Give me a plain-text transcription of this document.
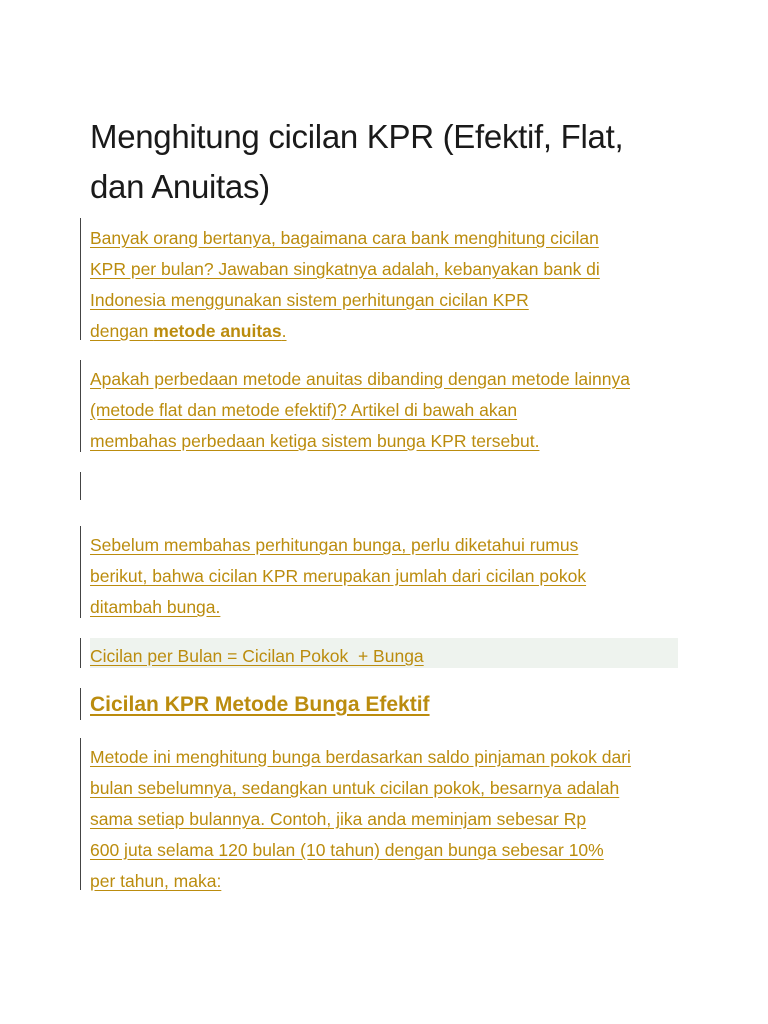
Menghitung cicilan KPR (Efektif, Flat,
dan Anuitas)

Banyak orang bertanya, bagaimana cara bank menghitung cicilan
KPR per bulan? Jawaban singkatnya adalah, kebanyakan bank di
Indonesia menggunakan sistem perhitungan cicilan KPR
dengan metode anuitas.

Apakah perbedaan metode anuitas dibanding dengan metode lainnya
(metode flat dan metode efektif)? Artikel di bawah akan
membahas perbedaan ketiga sistem bunga KPR tersebut.

Sebelum membahas perhitungan bunga, perlu diketahui rumus
berikut, bahwa cicilan KPR merupakan jumlah dari cicilan pokok
ditambah bunga.

Cicilan per Bulan = Cicilan Pokok  + Bunga

Cicilan KPR Metode Bunga Efektif

Metode ini menghitung bunga berdasarkan saldo pinjaman pokok dari
bulan sebelumnya, sedangkan untuk cicilan pokok, besarnya adalah
sama setiap bulannya. Contoh, jika anda meminjam sebesar Rp
600 juta selama 120 bulan (10 tahun) dengan bunga sebesar 10%
per tahun, maka:
